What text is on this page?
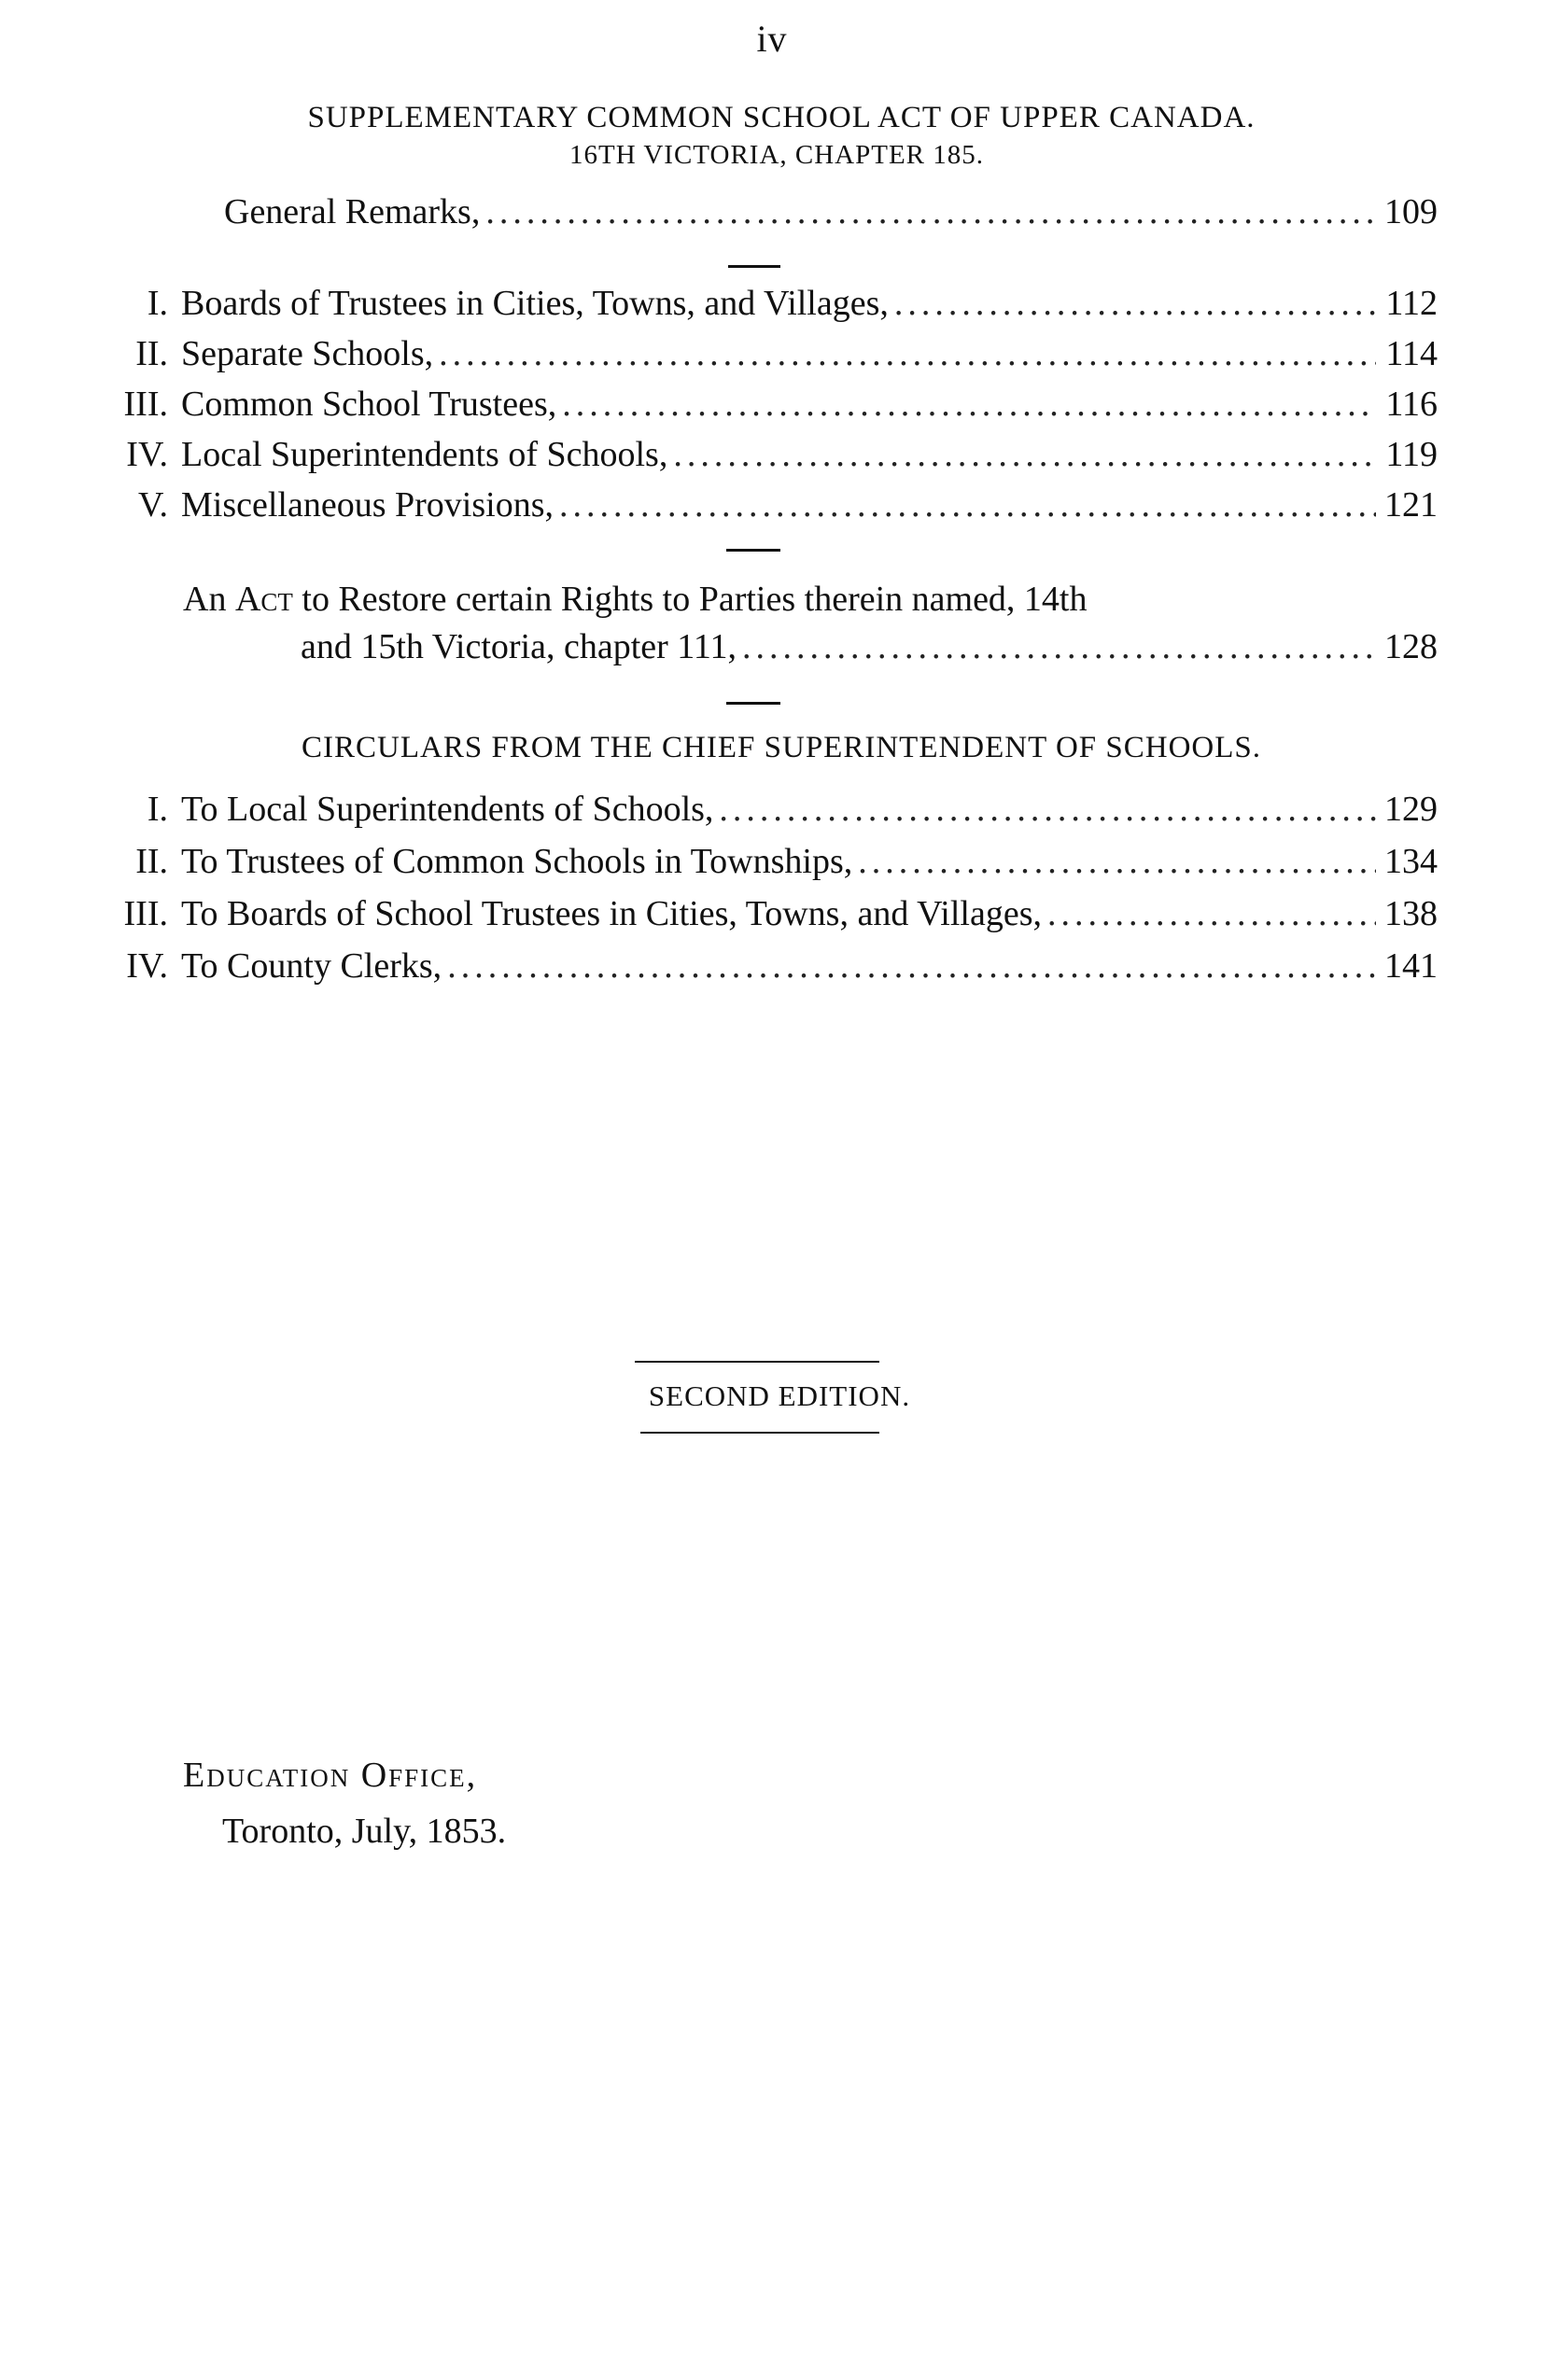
iv
SUPPLEMENTARY COMMON SCHOOL ACT OF UPPER CANADA.
16TH VICTORIA, CHAPTER 185.
General Remarks, .....	109
I. Boards of Trustees in Cities, Towns, and Villages, .....	112
II. Separate Schools, .....	114
III. Common School Trustees, .....	116
IV. Local Superintendents of Schools, .....	119
V. Miscellaneous Provisions, .....	121
An Act to Restore certain Rights to Parties therein named, 14th
and 15th Victoria, chapter 111, .....	128
CIRCULARS FROM THE CHIEF SUPERINTENDENT OF SCHOOLS.
I. To Local Superintendents of Schools, .....	129
II. To Trustees of Common Schools in Townships, .....	134
III. To Boards of School Trustees in Cities, Towns, and Villages, .....	138
IV. To County Clerks, .....	141
SECOND EDITION.
Education Office,
Toronto, July, 1853.
